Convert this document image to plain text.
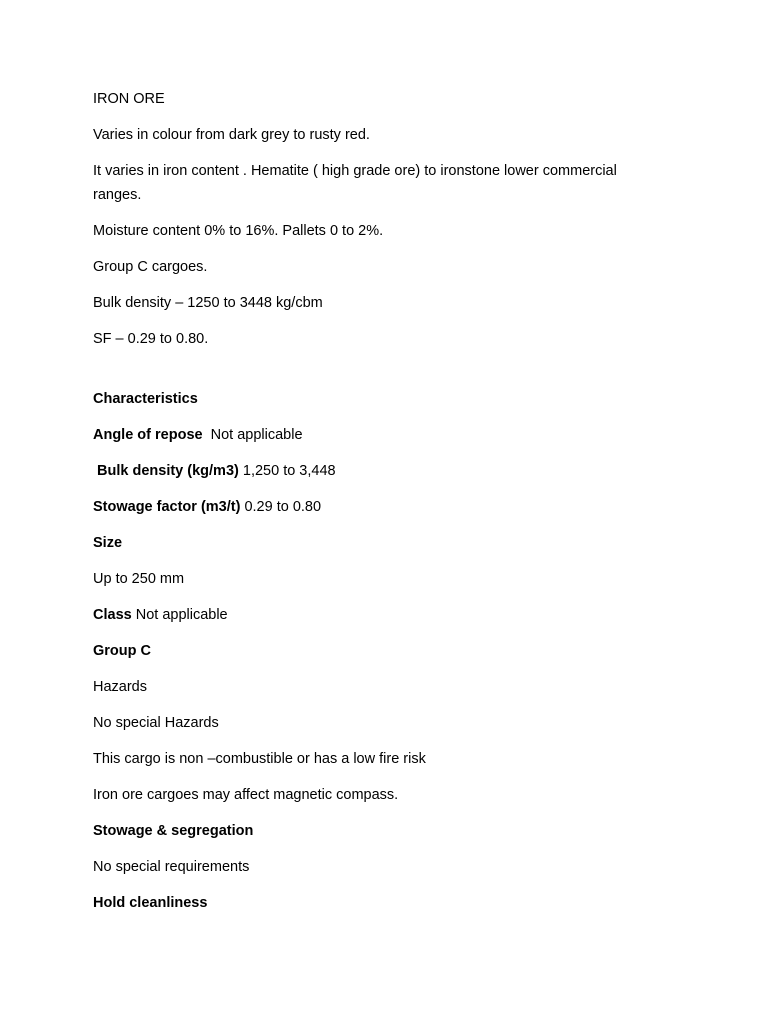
IRON ORE
Varies in colour from dark grey to rusty red.
It varies in iron content . Hematite ( high grade ore) to ironstone lower commercial ranges.
Moisture content 0% to 16%. Pallets 0 to 2%.
Group C cargoes.
Bulk density – 1250 to 3448 kg/cbm
SF – 0.29 to 0.80.
Characteristics
Angle of repose  Not applicable
Bulk density (kg/m3) 1,250 to 3,448
Stowage factor (m3/t) 0.29 to 0.80
Size
Up to 250 mm
Class Not applicable
Group C
Hazards
No special Hazards
This cargo is non –combustible or has a low fire risk
Iron ore cargoes may affect magnetic compass.
Stowage & segregation
No special requirements
Hold cleanliness
